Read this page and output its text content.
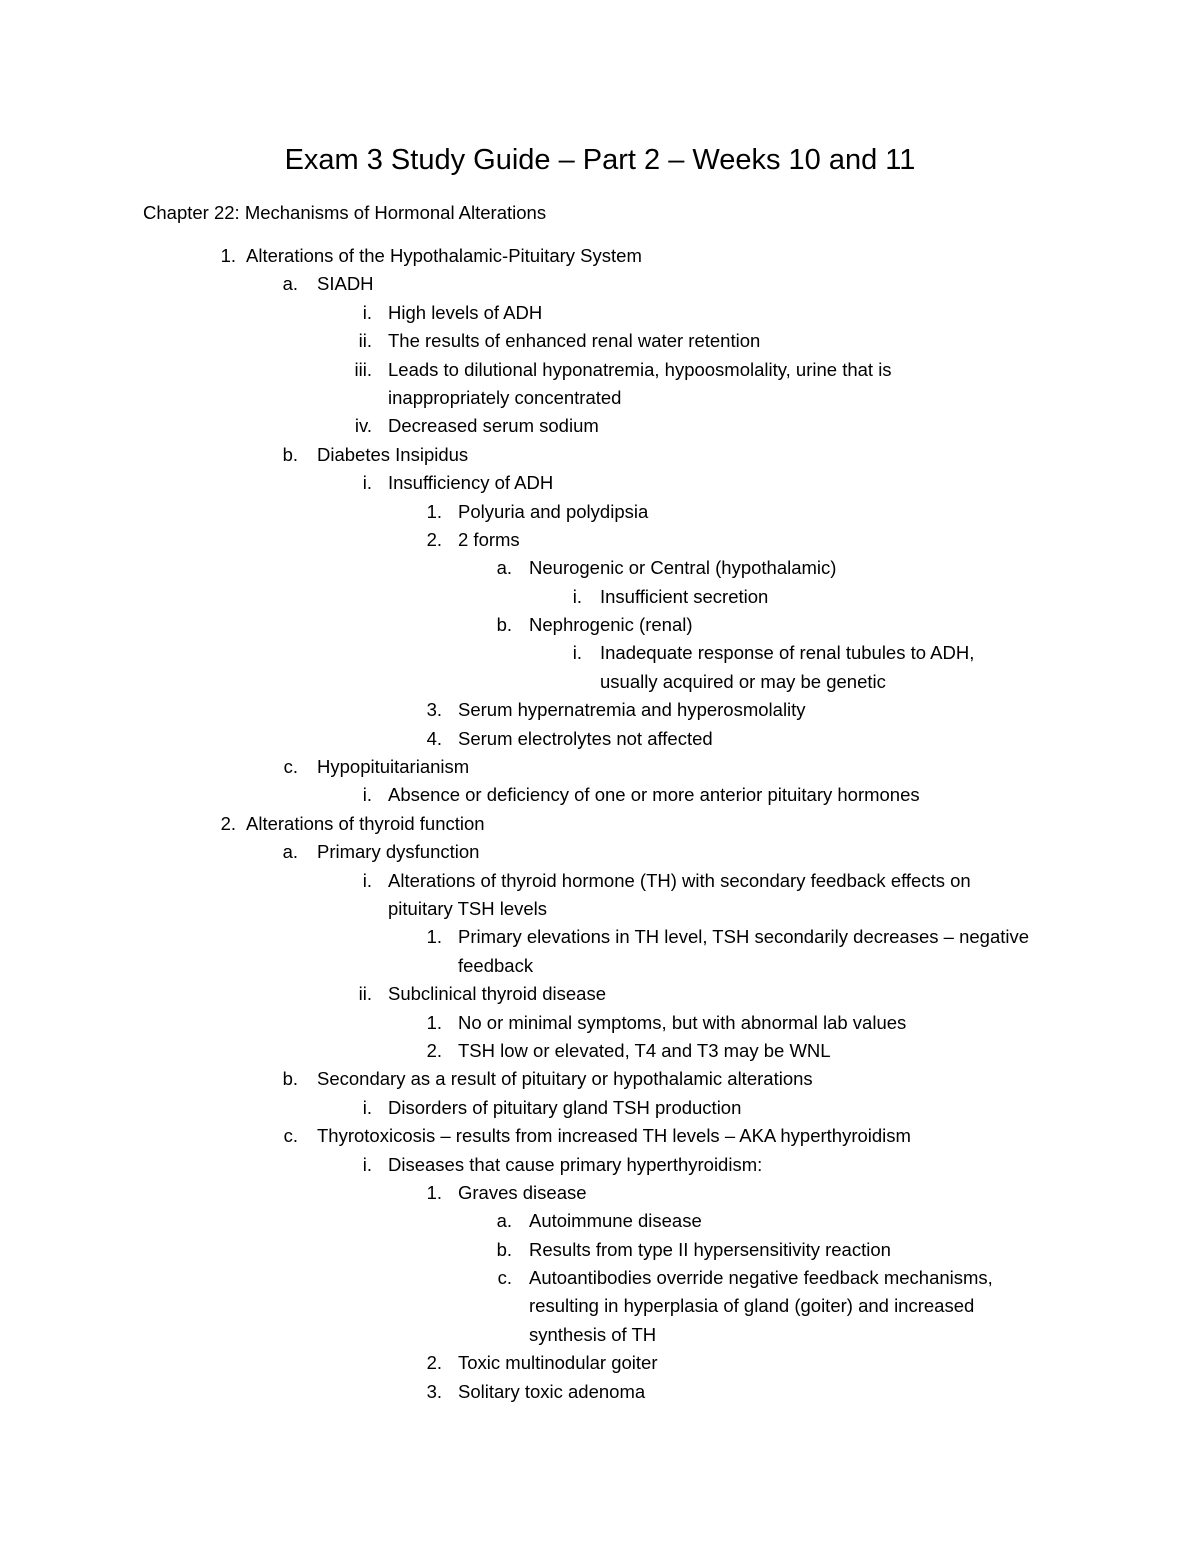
Exam 3 Study Guide – Part 2 – Weeks 10 and 11
Chapter 22: Mechanisms of Hormonal Alterations
1. Alterations of the Hypothalamic-Pituitary System
a. SIADH
i. High levels of ADH
ii. The results of enhanced renal water retention
iii. Leads to dilutional hyponatremia, hypoosmolality, urine that is
inappropriately concentrated
iv. Decreased serum sodium
b. Diabetes Insipidus
i. Insufficiency of ADH
1. Polyuria and polydipsia
2. 2 forms
a. Neurogenic or Central (hypothalamic)
i. Insufficient secretion
b. Nephrogenic (renal)
i. Inadequate response of renal tubules to ADH,
usually acquired or may be genetic
3. Serum hypernatremia and hyperosmolality
4. Serum electrolytes not affected
c. Hypopituitarianism
i. Absence or deficiency of one or more anterior pituitary hormones
2. Alterations of thyroid function
a. Primary dysfunction
i. Alterations of thyroid hormone (TH) with secondary feedback effects on
pituitary TSH levels
1. Primary elevations in TH level, TSH secondarily decreases – negative
feedback
ii. Subclinical thyroid disease
1. No or minimal symptoms, but with abnormal lab values
2. TSH low or elevated, T4 and T3 may be WNL
b. Secondary as a result of pituitary or hypothalamic alterations
i. Disorders of pituitary gland TSH production
c. Thyrotoxicosis – results from increased TH levels – AKA hyperthyroidism
i. Diseases that cause primary hyperthyroidism:
1. Graves disease
a. Autoimmune disease
b. Results from type II hypersensitivity reaction
c. Autoantibodies override negative feedback mechanisms,
resulting in hyperplasia of gland (goiter) and increased
synthesis of TH
2. Toxic multinodular goiter
3. Solitary toxic adenoma
